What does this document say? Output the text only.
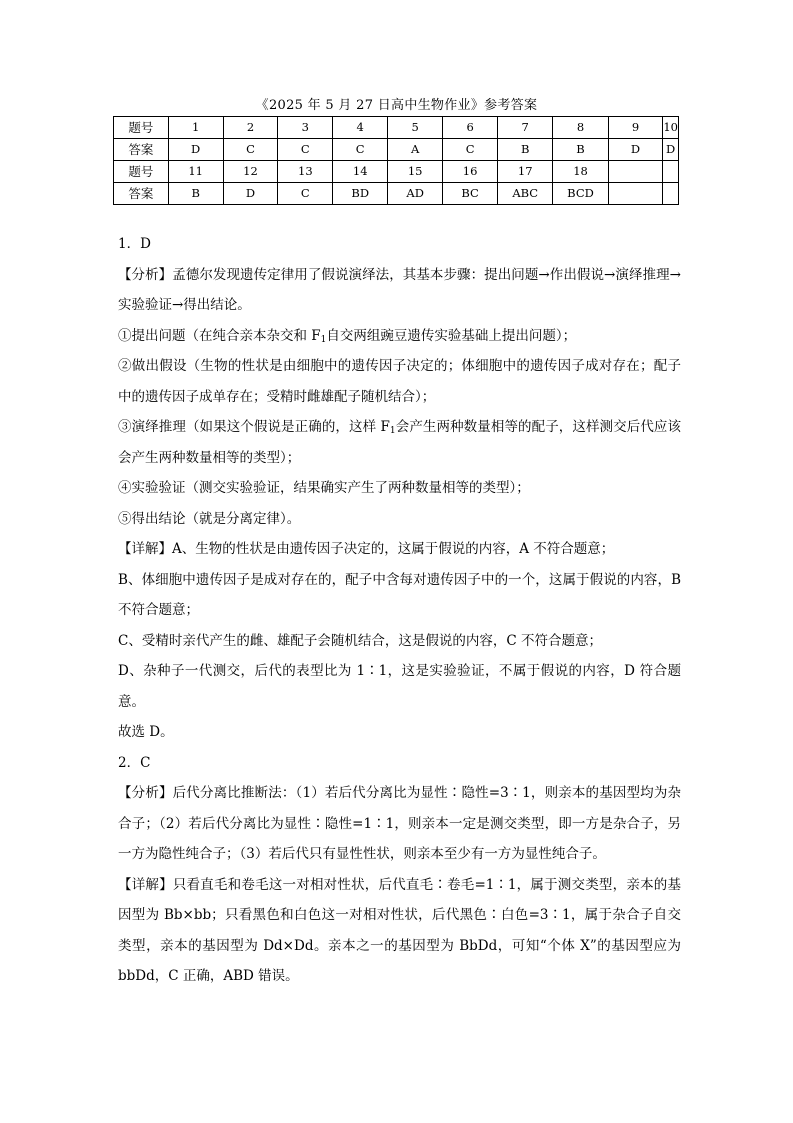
《2025 年 5 月 27 日高中生物作业》参考答案
题号	1	2	3	4	5	6	7	8	9	10
答案	D	C	C	C	A	C	B	B	D	D
题号	11	12	13	14	15	16	17	18		
答案	B	D	C	BD	AD	BC	ABC	BCD		

1．D

【分析】孟德尔发现遗传定律用了假说演绎法，其基本步骤：提出问题→作出假说→演绎推理→实验验证→得出结论。

①提出问题（在纯合亲本杂交和 $F_1$自交两组豌豆遗传实验基础上提出问题）；

②做出假设（生物的性状是由细胞中的遗传因子决定的；体细胞中的遗传因子成对存在；配子中的遗传因子成单存在；受精时雌雄配子随机结合）；

③演绎推理（如果这个假说是正确的，这样 $F_1$会产生两种数量相等的配子，这样测交后代应该会产生两种数量相等的类型）；

④实验验证（测交实验验证，结果确实产生了两种数量相等的类型）；

⑤得出结论（就是分离定律）。

【详解】A、生物的性状是由遗传因子决定的，这属于假说的内容，A 不符合题意；

B、体细胞中遗传因子是成对存在的，配子中含每对遗传因子中的一个，这属于假说的内容，B 不符合题意；

C、受精时亲代产生的雌、雄配子会随机结合，这是假说的内容，C 不符合题意；

D、杂种子一代测交，后代的表型比为 1∶1，这是实验验证，不属于假说的内容，D 符合题意。

故选 D。

2．C

【分析】后代分离比推断法：（1）若后代分离比为显性∶隐性=3∶1，则亲本的基因型均为杂合子；（2）若后代分离比为显性∶隐性=1∶1，则亲本一定是测交类型，即一方是杂合子，另一方为隐性纯合子；（3）若后代只有显性性状，则亲本至少有一方为显性纯合子。

【详解】只看直毛和卷毛这一对相对性状，后代直毛∶卷毛=1∶1，属于测交类型，亲本的基因型为 Bb×bb；只看黑色和白色这一对相对性状，后代黑色∶白色=3∶1，属于杂合子自交类型，亲本的基因型为 Dd×Dd。亲本之一的基因型为 BbDd，可知“个体 X”的基因型应为 bbDd，C 正确，ABD 错误。
